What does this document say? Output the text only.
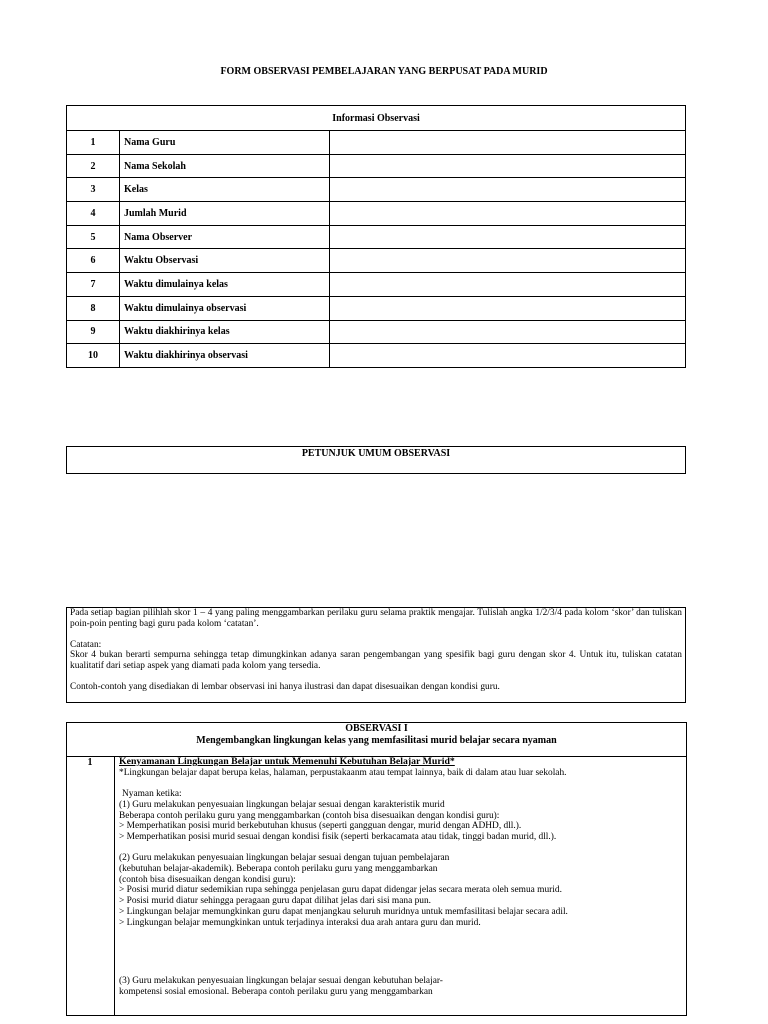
FORM OBSERVASI PEMBELAJARAN YANG BERPUSAT PADA MURID
Informasi Observasi		
1	Nama Guru	
2	Nama Sekolah	
3	Kelas	
4	Jumlah Murid	
5	Nama Observer	
6	Waktu Observasi	
7	Waktu dimulainya kelas	
8	Waktu dimulainya observasi	
9	Waktu diakhirinya kelas	
10	Waktu diakhirinya observasi	
PETUNJUK UMUM OBSERVASI

Pada setiap bagian pilihlah skor 1 – 4 yang paling menggambarkan perilaku guru selama praktik mengajar. Tulislah angka 1/2/3/4 pada kolom ‘skor’ dan tuliskan poin-poin penting bagi guru pada kolom ‘catatan’.

Catatan:

Skor 4 bukan berarti sempurna sehingga tetap dimungkinkan adanya saran pengembangan yang spesifik bagi guru dengan skor 4. Untuk itu, tuliskan catatan kualitatif dari setiap aspek yang diamati pada kolom yang tersedia.

Contoh-contoh yang disediakan di lembar observasi ini hanya ilustrasi dan dapat disesuaikan dengan kondisi guru.

OBSERVASI I
Mengembangkan lingkungan kelas yang memfasilitasi murid belajar secara nyaman
1	Kenyamanan Lingkungan Belajar untuk Memenuhi Kebutuhan Belajar Murid*

*Lingkungan belajar dapat berupa kelas, halaman, perpustakaanm atau tempat lainnya, baik di dalam atau luar sekolah.

Nyaman ketika:

(1) Guru melakukan penyesuaian lingkungan belajar sesuai dengan karakteristik murid

Beberapa contoh perilaku guru yang menggambarkan (contoh bisa disesuaikan dengan kondisi guru):

> Memperhatikan posisi murid berkebutuhan khusus (seperti gangguan dengar, murid dengan ADHD, dll.).

> Memperhatikan posisi murid sesuai dengan kondisi fisik (seperti berkacamata atau tidak, tinggi badan murid, dll.).

(2) Guru melakukan penyesuaian lingkungan belajar sesuai dengan tujuan pembelajaran

(kebutuhan belajar-akademik). Beberapa contoh perilaku guru yang menggambarkan

(contoh bisa disesuaikan dengan kondisi guru):

> Posisi murid diatur sedemikian rupa sehingga penjelasan guru dapat didengar jelas secara merata oleh semua murid.

> Posisi murid diatur sehingga peragaan guru dapat dilihat jelas dari sisi mana pun.

> Lingkungan belajar memungkinkan guru dapat menjangkau seluruh muridnya untuk memfasilitasi belajar secara adil.

> Lingkungan belajar memungkinkan untuk terjadinya interaksi dua arah antara guru dan murid.

(3) Guru melakukan penyesuaian lingkungan belajar sesuai dengan kebutuhan belajar-

kompetensi sosial emosional. Beberapa contoh perilaku guru yang menggambarkan
